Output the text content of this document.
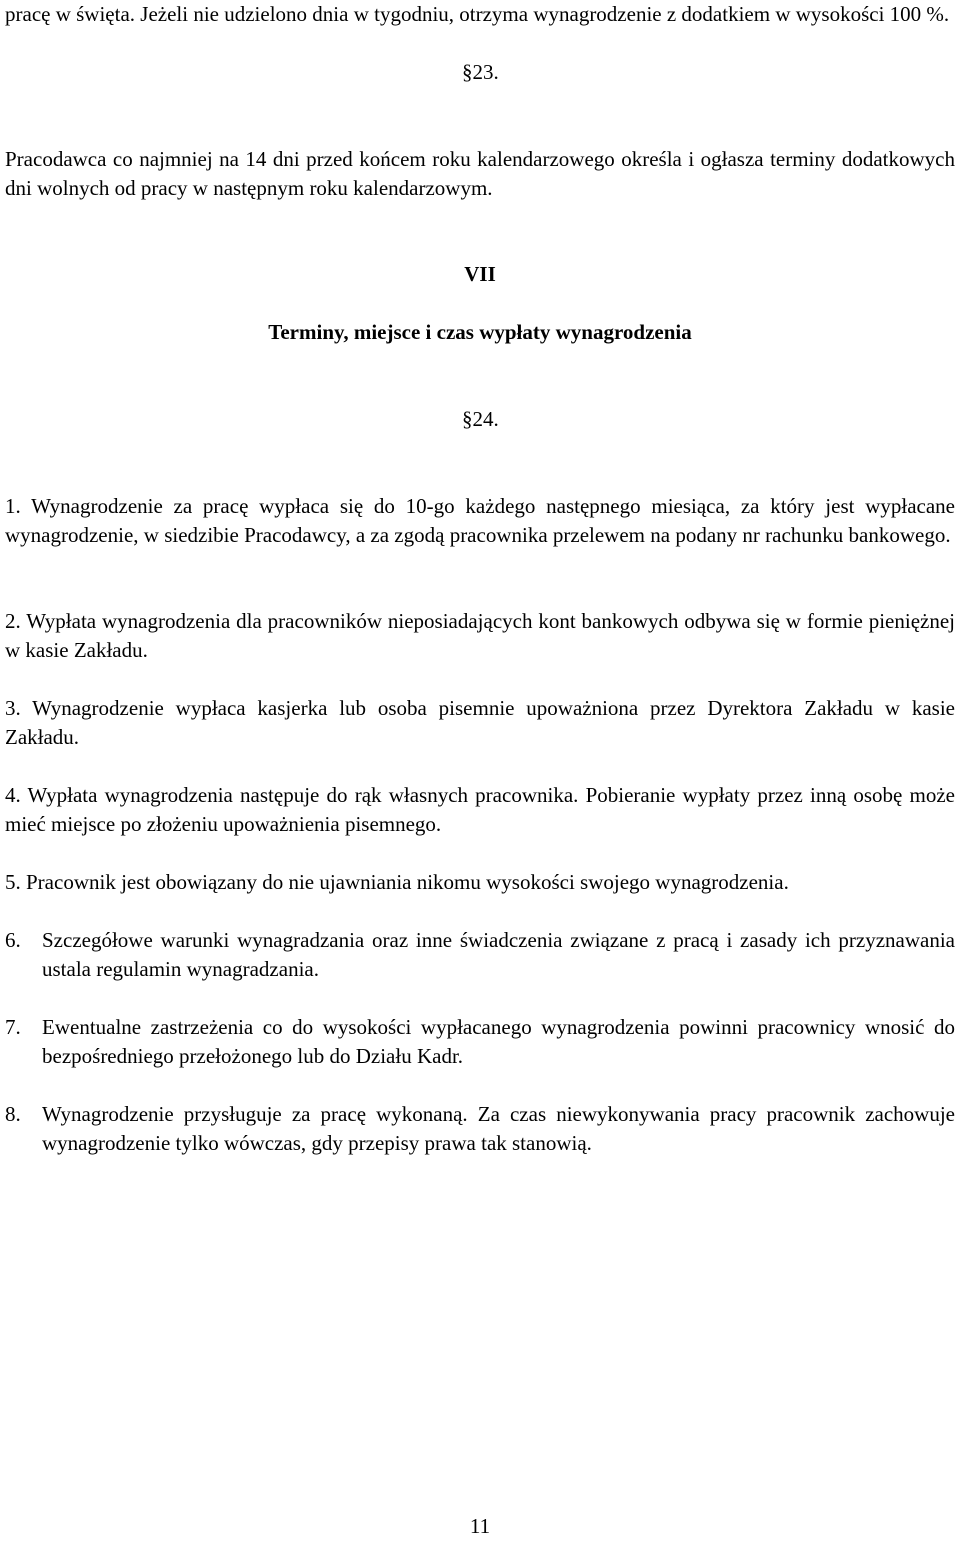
pracę w święta. Jeżeli nie udzielono dnia w tygodniu, otrzyma wynagrodzenie z dodatkiem w wysokości 100 %.

§23.

Pracodawca co najmniej na 14 dni przed końcem roku kalendarzowego określa i ogłasza terminy dodatkowych dni wolnych od pracy w następnym roku kalendarzowym.

VII

Terminy, miejsce i czas wypłaty wynagrodzenia

§24.

1. Wynagrodzenie za pracę wypłaca się do 10-go każdego następnego miesiąca, za który jest wypłacane wynagrodzenie, w siedzibie Pracodawcy, a za zgodą pracownika przelewem na podany nr rachunku bankowego.

2. Wypłata wynagrodzenia dla pracowników nieposiadających kont bankowych odbywa się w formie pieniężnej w kasie Zakładu.

3. Wynagrodzenie wypłaca kasjerka lub osoba pisemnie upoważniona przez Dyrektora Zakładu w kasie Zakładu.

4. Wypłata wynagrodzenia następuje do rąk własnych pracownika. Pobieranie wypłaty przez inną osobę może mieć miejsce po złożeniu upoważnienia pisemnego.

5. Pracownik jest obowiązany do nie ujawniania nikomu wysokości swojego wynagrodzenia.

6.	Szczegółowe warunki wynagradzania oraz inne świadczenia związane z pracą i zasady ich przyznawania ustala regulamin wynagradzania.
7.	Ewentualne zastrzeżenia co do wysokości wypłacanego wynagrodzenia powinni pracownicy wnosić do bezpośredniego przełożonego lub do Działu Kadr.
8.	Wynagrodzenie przysługuje za pracę wykonaną. Za czas niewykonywania pracy pracownik zachowuje wynagrodzenie tylko wówczas, gdy przepisy prawa tak stanowią.
11
